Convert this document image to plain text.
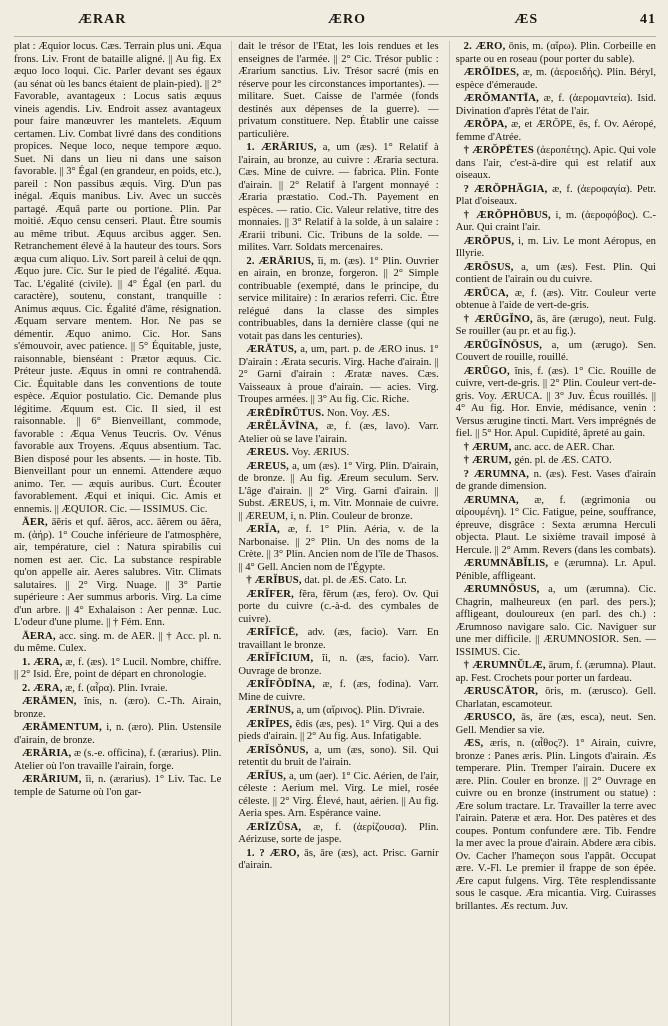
ÆRAR	ÆRO	ÆS	41

plat : Æquior locus. Cæs. Terrain plus uni. Æqua frons. Liv. Front de bataille aligné. || Au fig. Ex æquo loco loqui. Cic. Parler devant ses égaux (au sénat où les bancs étaient de plain-pied). || 2° Favorable, avantageux : Locus satis æquus vineis agendis. Liv. Endroit assez avantageux pour faire manœuvrer les mantelets. Æquum certamen. Liv. Combat livré dans des conditions propices. Neque loco, neque tempore æquo. Suet. Ni dans un lieu ni dans une saison favorable. || 3° Égal (en grandeur, en poids, etc.), pareil : Non passibus æquis. Virg. D'un pas inégal. Æquis manibus. Liv. Avec un succès partagé. Æquâ parte ou portione. Plin. Par moitié. Æquo censu censeri. Plaut. Être soumis au même tribut. Æquus arcibus agger. Sen. Retranchement élevé à la hauteur des tours. Sors æqua cum aliquo. Liv. Sort pareil à celui de qqn. Æquo jure. Cic. Sur le pied de l'égalité. Æqua. Tac. L'égalité (civile). || 4° Égal (en parl. du caractère), soutenu, constant, tranquille : Animus æquus. Cic. Égalité d'âme, résignation. Æquam servare mentem. Hor. Ne pas se démentir. Æquo animo. Cic. Hor. Sans s'émouvoir, avec patience. || 5° Équitable, juste, raisonnable, bienséant : Prætor æquus. Cic. Préteur juste. Æquus in omni re contrahendâ. Cic. Équitable dans les conventions de toute espèce. Æquior postulatio. Cic. Demande plus légitime. Æquum est. Cic. Il sied, il est raisonnable. || 6° Bienveillant, commode, favorable : Æqua Venus Teucris. Ov. Vénus favorable aux Troyens. Æquus absentium. Tac. Bien disposé pour les absents. — in hoste. Tib. Bienveillant pour un ennemi. Attendere æquo animo. Ter. — æquis auribus. Curt. Écouter favorablement. Æqui et iniqui. Cic. Amis et ennemis. || ÆQUIOR. Cic. — ISSIMUS. Cic.

ĀER, āĕris et quf. āĕros, acc. āĕrem ou āĕra, m. (ἀήρ). 1° Couche inférieure de l'atmosphère, air, température, ciel : Natura spirabilis cui nomen est aer. Cic. La substance respirable qu'on appelle air. Aeres salubres. Vitr. Climats salutaires. || 2° Virg. Nuage. || 3° Partie supérieure : Aer summus arboris. Virg. La cime d'un arbre. || 4° Exhalaison : Aer pennæ. Luc. L'odeur d'une plume. || † Fém. Enn.

ĀERA, acc. sing. m. de AER. || † Acc. pl. n. du même. Culex.

1. ÆRA, æ, f. (æs). 1° Lucil. Nombre, chiffre. || 2° Isid. Ère, point de départ en chronologie.

2. ÆRA, æ, f. (αἶρα). Plin. Ivraie.

ÆRĀMEN, ĭnis, n. (æro). C.-Th. Airain, bronze.

ÆRĀMENTUM, i, n. (æro). Plin. Ustensile d'airain, de bronze.

ÆRĀRIA, æ (s.-e. officina), f. (ærarius). Plin. Atelier où l'on travaille l'airain, forge.

ÆRĀRIUM, ĭi, n. (ærarius). 1° Liv. Tac. Le temple de Saturne où l'on gar-

dait le trésor de l'État, les lois rendues et les enseignes de l'armée. || 2° Cic. Trésor public : Ærarium sanctius. Liv. Trésor sacré (mis en réserve pour les circonstances importantes). — militare. Suet. Caisse de l'armée (fonds destinés aux dépenses de la guerre). — privatum constituere. Nep. Établir une caisse particulière.

1. ÆRĀRIUS, a, um (æs). 1° Relatif à l'airain, au bronze, au cuivre : Æraria sectura. Cæs. Mine de cuivre. — fabrica. Plin. Fonte d'airain. || 2° Relatif à l'argent monnayé : Æraria præstatio. Cod.-Th. Payement en espèces. — ratio. Cic. Valeur relative, titre des monnaies. || 3° Relatif à la solde, à un salaire : Ærarii tribuni. Cic. Tribuns de la solde. — milites. Varr. Soldats mercenaires.

2. ÆRĀRIUS, ĭi, m. (æs). 1° Plin. Ouvrier en airain, en bronze, forgeron. || 2° Simple contribuable (exempté, dans le principe, du service militaire) : In ærarios referri. Cic. Être relégué dans la classe des simples contribuables, dans la dernière classe (qui ne votait pas dans les centuries).

ÆRĀTUS, a, um, part. p. de ÆRO inus. 1° D'airain : Ærata securis. Virg. Hache d'airain. || 2° Garni d'airain : Æratæ naves. Cæs. Vaisseaux à proue d'airain. — acies. Virg. Troupes armées. || 3° Au fig. Cic. Riche.

ÆRĒDĬRŪTUS. Non. Voy. ÆS.

ÆRĔLĂVĪNA, æ, f. (æs, lavo). Varr. Atelier où se lave l'airain.

ÆREUS. Voy. ÆRIUS.

ÆREUS, a, um (æs). 1° Virg. Plin. D'airain, de bronze. || Au fig. Æreum seculum. Serv. L'âge d'airain. || 2° Virg. Garni d'airain. || Subst. ÆREUS, i, m. Vitr. Monnaie de cuivre. || ÆREUM, i, n. Plin. Couleur de bronze.

ÆRĬA, æ, f. 1° Plin. Aéria, v. de la Narbonaise. || 2° Plin. Un des noms de la Crète. || 3° Plin. Ancien nom de l'île de Thasos. || 4° Gell. Ancien nom de l'Égypte.

† ÆRĬBUS, dat. pl. de ÆS. Cato. Lr.

ÆRĬFER, fĕra, fĕrum (æs, fero). Ov. Qui porte du cuivre (c.-à-d. des cymbales de cuivre).

ÆRĬFĬCĒ, adv. (æs, facio). Varr. En travaillant le bronze.

ÆRĬFĬCIUM, ĭi, n. (æs, facio). Varr. Ouvrage de bronze.

ÆRĬFŎDĪNA, æ, f. (æs, fodina). Varr. Mine de cuivre.

ÆRĪNUS, a, um (αἴρινος). Plin. D'ivraie.

ÆRĬPES, ĕdis (æs, pes). 1° Virg. Qui a des pieds d'airain. || 2° Au fig. Aus. Infatigable.

ÆRĬSŎNUS, a, um (æs, sono). Sil. Qui retentit du bruit de l'airain.

ÆRĬUS, a, um (aer). 1° Cic. Aérien, de l'air, céleste : Aerium mel. Virg. Le miel, rosée céleste. || 2° Virg. Élevé, haut, aérien. || Au fig. Aeria spes. Arn. Espérance vaine.

ÆRĪZŪSA, æ, f. (ἀερίζουσα). Plin. Aérizuse, sorte de jaspe.

1. ? ÆRO, ās, āre (æs), act. Prisc. Garnir d'airain.

2. ÆRO, ōnis, m. (αἴρω). Plin. Corbeille en sparte ou en roseau (pour porter du sable).

ÆRŌĪDES, æ, m. (ἀεροειδής). Plin. Béryl, espèce d'émeraude.

ÆRŎMANTĪA, æ, f. (ἀερομαντεία). Isid. Divination d'après l'état de l'air.

ÆRŎPA, æ, et ÆRŎPE, ēs, f. Ov. Aéropé, femme d'Atrée.

† ÆRŎPĒTES (ἀεροπέτης). Apic. Qui vole dans l'air, c'est-à-dire qui est relatif aux oiseaux.

? ÆRŎPHĂGIA, æ, f. (ἀεροφαγία). Petr. Plat d'oiseaux.

† ÆRŎPHŎBUS, i, m. (ἀεροφόβος). C.-Aur. Qui craint l'air.

ÆRŎPUS, i, m. Liv. Le mont Aéropus, en Illyrie.

ÆRŌSUS, a, um (æs). Fest. Plin. Qui contient de l'airain ou du cuivre.

ÆRŪCA, æ, f. (æs). Vitr. Couleur verte obtenue à l'aide de vert-de-gris.

† ÆRŪGĬNO, ās, āre (ærugo), neut. Fulg. Se rouiller (au pr. et au fig.).

ÆRŪGĬNŌSUS, a, um (ærugo). Sen. Couvert de rouille, rouillé.

ÆRŪGO, ĭnis, f. (æs). 1° Cic. Rouille de cuivre, vert-de-gris. || 2° Plin. Couleur vert-de-gris. Voy. ÆRUCA. || 3° Juv. Écus rouillés. || 4° Au fig. Hor. Envie, médisance, venin : Versus ærugine tincti. Mart. Vers imprégnés de fiel. || 5° Hor. Apul. Cupidité, âpreté au gain.

† ÆRUM, anc. acc. de AER. Char.

† ÆRUM, gén. pl. de ÆS. CATO.

? ÆRUMNA, n. (æs). Fest. Vases d'airain de grande dimension.

ÆRUMNA, æ, f. (ægrimonia ou αἰρουμένη). 1° Cic. Fatigue, peine, souffrance, épreuve, disgrâce : Sexta ærumna Herculi objecta. Plaut. Le sixième travail imposé à Hercule. || 2° Amm. Revers (dans les combats).

ÆRUMNĀBĬLIS, e (ærumna). Lr. Apul. Pénible, affligeant.

ÆRUMNŌSUS, a, um (ærumna). Cic. Chagrin, malheureux (en parl. des pers.); affligeant, douloureux (en parl. des ch.) : Ærumnoso navigare salo. Cic. Naviguer sur une mer difficile. || ÆRUMNOSIOR. Sen. — ISSIMUS. Cic.

† ÆRUMNŬLÆ, ārum, f. (ærumna). Plaut. ap. Fest. Crochets pour porter un fardeau.

ÆRUSCĀTOR, ōris, m. (ærusco). Gell. Charlatan, escamoteur.

ÆRUSCO, ās, āre (æs, esca), neut. Sen. Gell. Mendier sa vie.

ÆS, æris, n. (αἶθος?). 1° Airain, cuivre, bronze : Panes æris. Plin. Lingots d'airain. Æs temperare. Plin. Tremper l'airain. Ducere ex ære. Plin. Couler en bronze. || 2° Ouvrage en cuivre ou en bronze (instrument ou statue) : Ære solum tractare. Lr. Travailler la terre avec l'airain. Pateræ et æra. Hor. Des patères et des coupes. Pontum confundere ære. Tib. Fendre la mer avec la proue d'airain. Abdere æra cibis. Ov. Cacher l'hameçon sous l'appât. Occupat ære. V.-Fl. Le premier il frappe de son épée. Ære caput fulgens. Virg. Tête resplendissante sous le casque. Æra micantia. Virg. Cuirasses brillantes. Æs rectum. Juv.
